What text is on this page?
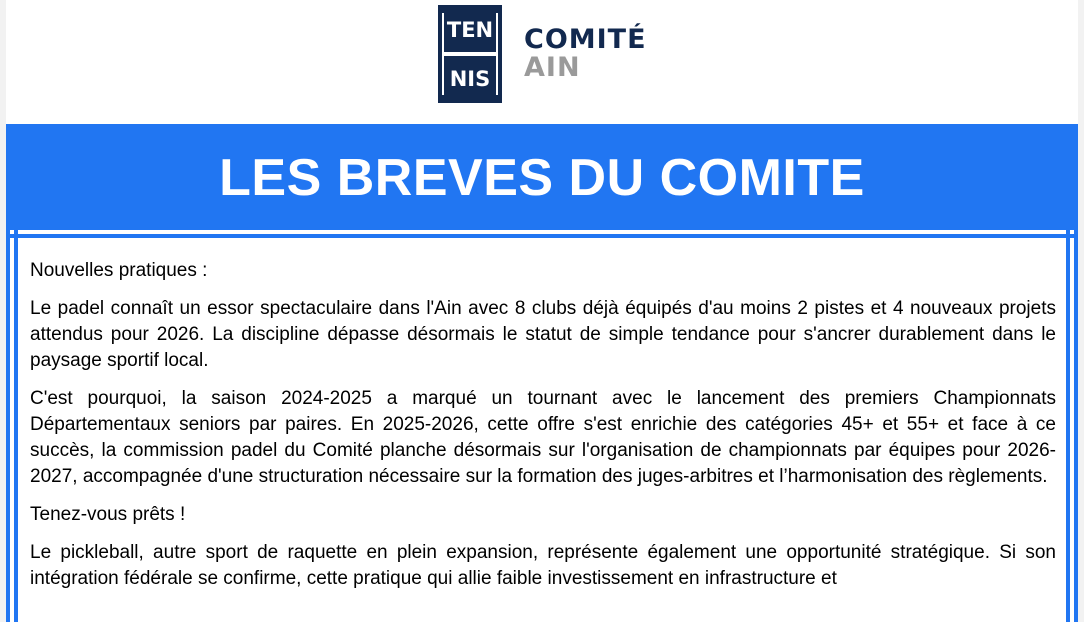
TEN
NIS
COMITÉ
AIN
LES BREVES DU COMITE

Nouvelles pratiques :

Le padel connaît un essor spectaculaire dans l'Ain avec 8 clubs déjà équipés d'au moins 2 pistes et 4 nouveaux projets attendus pour 2026. La discipline dépasse désormais le statut de simple tendance pour s'ancrer durablement dans le paysage sportif local.

C'est pourquoi, la saison 2024-2025 a marqué un tournant avec le lancement des premiers Championnats Départementaux seniors par paires. En 2025-2026, cette offre s'est enrichie des catégories 45+ et 55+ et face à ce succès, la commission padel du Comité planche désormais sur l'organisation de championnats par équipes pour 2026-2027, accompagnée d'une structuration nécessaire sur la formation des juges-arbitres et l’harmonisation des règlements.

Tenez-vous prêts !

Le pickleball, autre sport de raquette en plein expansion, représente également une opportunité stratégique. Si son intégration fédérale se confirme, cette pratique qui allie faible investissement en infrastructure et
